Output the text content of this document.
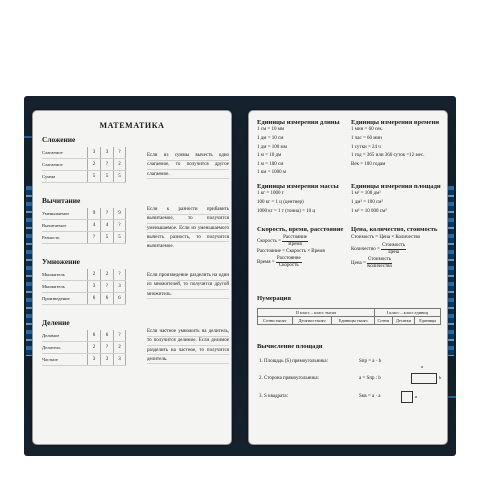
МАТЕМАТИКА
Сложение
Слагаемое	3	3	?
Слагаемое	2	?	2
Сумма	5	5	5
Если из суммы вычесть одно слагаемое, то получится другое слагаемое.
Вычитание
Уменьшаемое	9	?	9
Вычитаемое	4	4	?
Разность	?	5	5
Если к разности прибавить вычитаемое, то получится уменьшаемое. Если из уменьшаемого вычесть разность, то получится вычитаемое.
Умножение
Множитель	2	2	?
Множитель	3	?	3
Произведение	6	6	6
Если произведение разделить на один из множителей, то получится другой множитель.
Деление
Делимое	6	6	?
Делитель	2	?	2
Частное	3	3	3
Если частное умножить на делитель, то получится делимое. Если делимое разделить на частное, то получится делитель.
Единицы измерения длины
1 см = 10 мм
1 дм = 10 см
1 дм = 100 мм
1 м = 10 дм
1 м = 100 см
1 км = 1000 м
Единицы измерения времени
1 мин = 60 сек.
1 час = 60 мин
1 сутки = 24 ч
1 год = 365 или 366 суток =12 мес.
Век = 100 годам
Единицы измерения массы
1 кг = 1000 г
100 кг = 1 ц (центнер)
1000 кг = 1 т (тонна) = 10 ц
Единицы измерения площади
1 м² = 100 дм²
1 дм² = 100 см²
1 м² = 10 000 см²
Скорость, время, расстояние
Скорость =
Расстояние
Время
Расстояние = Скорость × Время
Время =
Расстояние
Скорость
Цена, количество, стоимость
Стоимость = Цена × Количество
Количество =
Стоимость
Цена
Цена =
Стоимость
Количество
Нумерация
II класс – класс тысяч			I класс – класс единиц		
Сотни тысяч	Десятки тысяч	Единицы тысяч	Сотни	Десятки	Единицы
Вычисление площади
1. Площадь (S) прямоугольника:	Sпр = a · b
2. Сторона прямоугольника:	a = Sпр : b
3. S квадрата:	Sкв = a · a
a
b
a
